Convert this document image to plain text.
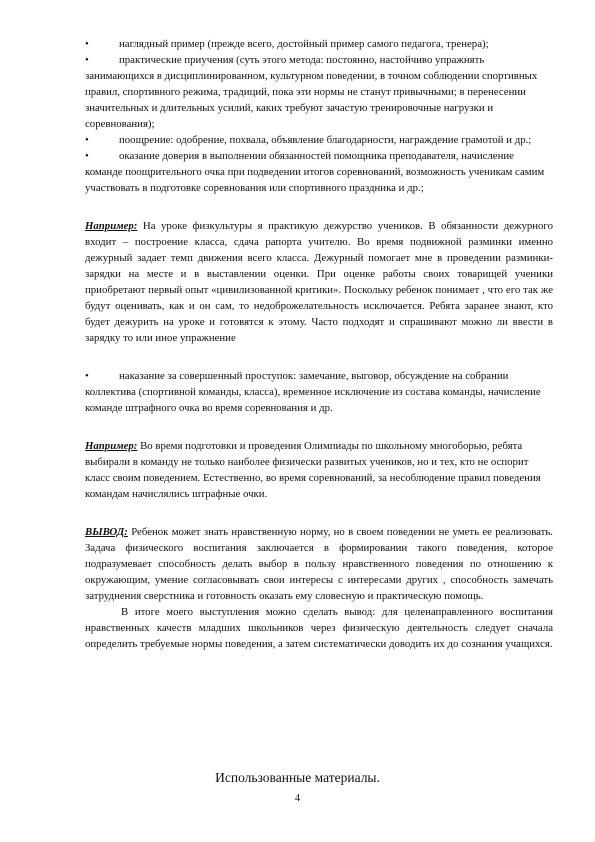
•	наглядный пример (прежде всего, достойный пример самого педагога, тренера);

•	практические приучения (суть этого метода: постоянно, настойчиво упражнять занимающихся в дисциплинированном, культурном поведении, в точном соблюдении спортивных правил, спортивного режима, традиций, пока эти нормы не станут привычными; в перенесении значительных и длительных усилий, каких требуют зачастую тренировочные нагрузки и соревнования);

•	поощрение: одобрение, похвала, объявление благодарности, награждение грамотой и др.;

•	оказание доверия в выполнении обязанностей помощника преподавателя, начисление команде поощрительного очка при подведении итогов соревнований, возможность ученикам самим участвовать в подготовке соревнования или спортивного праздника и др.;

Например: На уроке физкультуры я практикую дежурство учеников. В обязанности дежурного входит – построение класса, сдача рапорта учителю. Во время подвижной разминки именно дежурный задает темп движения всего класса. Дежурный помогает мне в проведении разминки-зарядки на месте и в выставлении оценки. При оценке работы своих товарищей ученики приобретают первый опыт «цивилизованной критики». Поскольку ребенок понимает , что его так же будут оценивать, как и он сам, то недоброжелательность исключается. Ребята заранее знают, кто будет дежурить на уроке и готовятся к этому. Часто подходят и спрашивают можно ли ввести в зарядку то или иное упражнение

•	наказание за совершенный проступок: замечание, выговор, обсуждение на собрании коллектива (спортивной команды, класса), временное исключение из состава команды, начисление команде штрафного очка во время соревнования и др.

Например: Во время подготовки и проведения Олимпиады по школьному многоборью, ребята выбирали в команду не только наиболее физически развитых учеников, но и тех, кто не оспорит класс своим поведением. Естественно, во время соревнований, за несоблюдение правил поведения командам начислялись штрафные очки.

ВЫВОД: Ребенок может знать нравственную норму, но в своем поведении не уметь ее реализовать. Задача физического воспитания заключается в формировании такого поведения, которое подразумевает способность делать выбор в пользу нравственного поведения по отношению к окружающим, умение согласовывать свои интересы с интересами других , способность замечать затруднения сверстника и готовность оказать ему словесную и практическую помощь.

В итоге моего выступления можно сделать вывод: для целенаправленного воспитания нравственных качеств младших школьников через физическую деятельность следует сначала определить требуемые нормы поведения, а затем систематически доводить их до сознания учащихся.

Использованные материалы.
4
